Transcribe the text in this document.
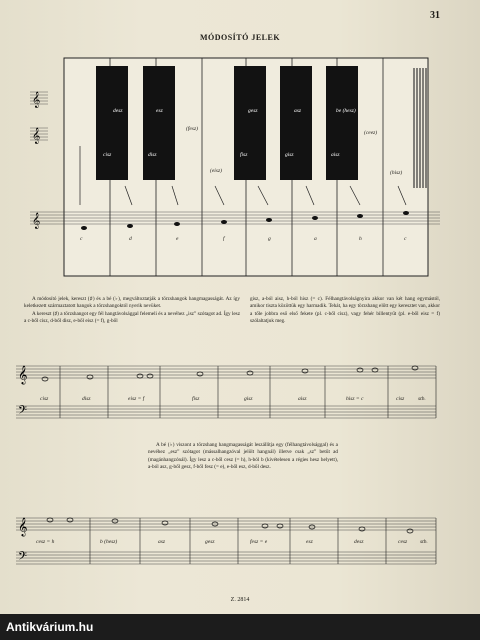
31
MÓDOSÍTÓ JELEK
𝄞
𝄞
𝄞
c	d	e	f	g	a	h	c
desz	esz	gesz	asz	be (hesz)
cisz	disz	fisz	gisz	aisz
(fesz)
(eisz)
(ceez)
(hisz)

A módosító jelek, kereszt (♯) és a bé (♭), megváltoztatják a törzshangok hangmagasságát. Az így keletkezett származtatott hangok a törzshangoktól nyerik nevüket.

A kereszt (♯) a törzshangot egy fél hangtávolsággal felemeli és a nevéhez „isz” szótagot ad. Így lesz a c-ből cisz, d-ből disz, e-ből eisz (= f), g-ből

gisz, a-ból aisz, h-ból hisz (= c). Félhangtávolságnyira akkor van két hang egymástól, amikor tiszta közöttük egy harmadik. Tehát, ha egy törzshang előtt egy keresztet van, akkor a tőle jobbra eső első fekete (pl. c-ből cisz), vagy fehér billentyűt (pl. e-ből eisz = f) szólaltatjuk meg.

𝄞
𝄢
cisz	disz	eisz = f	fisz	gisz	aisz	hisz = c	cisz	stb.

A bé (♭) viszont a törzshang hangmagasságát leszállítja egy (félhangtávolsággal) és a nevéhez „esz” szótagot (mássalhangzóval jelölt hangnál) illetve csak „sz” betűt ad (magánhangzónál). Így lesz a c-ből cesz (= h), h-ból b (kivételesen a régies hesz helyett), a-ból asz, g-ből gesz, f-ből fesz (= e), e-ből esz, d-ből desz.

𝄞
𝄢
cesz = h	b (hesz)	asz	gesz	fesz = e	esz	desz	cesz stb.
Z. 2814
Antikvárium.hu
